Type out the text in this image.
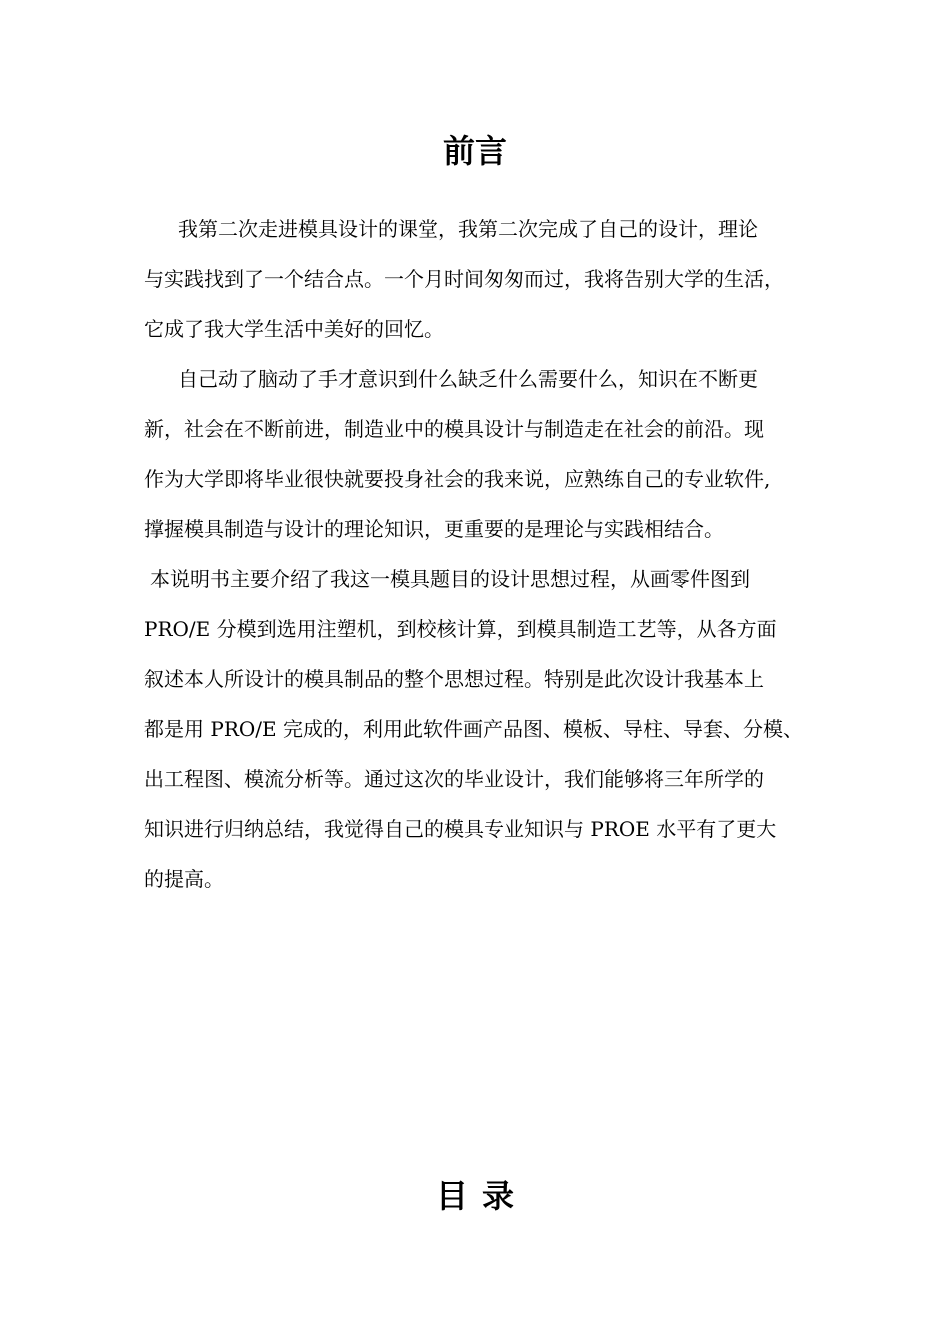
前言
我第二次走进模具设计的课堂，我第二次完成了自己的设计，理论
与实践找到了一个结合点。一个月时间匆匆而过，我将告别大学的生活，
它成了我大学生活中美好的回忆。
自己动了脑动了手才意识到什么缺乏什么需要什么，知识在不断更
新，社会在不断前进，制造业中的模具设计与制造走在社会的前沿。现
作为大学即将毕业很快就要投身社会的我来说，应熟练自己的专业软件,
撑握模具制造与设计的理论知识，更重要的是理论与实践相结合。
本说明书主要介绍了我这一模具题目的设计思想过程，从画零件图到
PRO/E 分模到选用注塑机，到校核计算，到模具制造工艺等，从各方面
叙述本人所设计的模具制品的整个思想过程。特别是此次设计我基本上
都是用 PRO/E 完成的，利用此软件画产品图、模板、导柱、导套、分模、
出工程图、模流分析等。通过这次的毕业设计，我们能够将三年所学的
知识进行归纳总结，我觉得自己的模具专业知识与 PROE 水平有了更大
的提高。
目录
